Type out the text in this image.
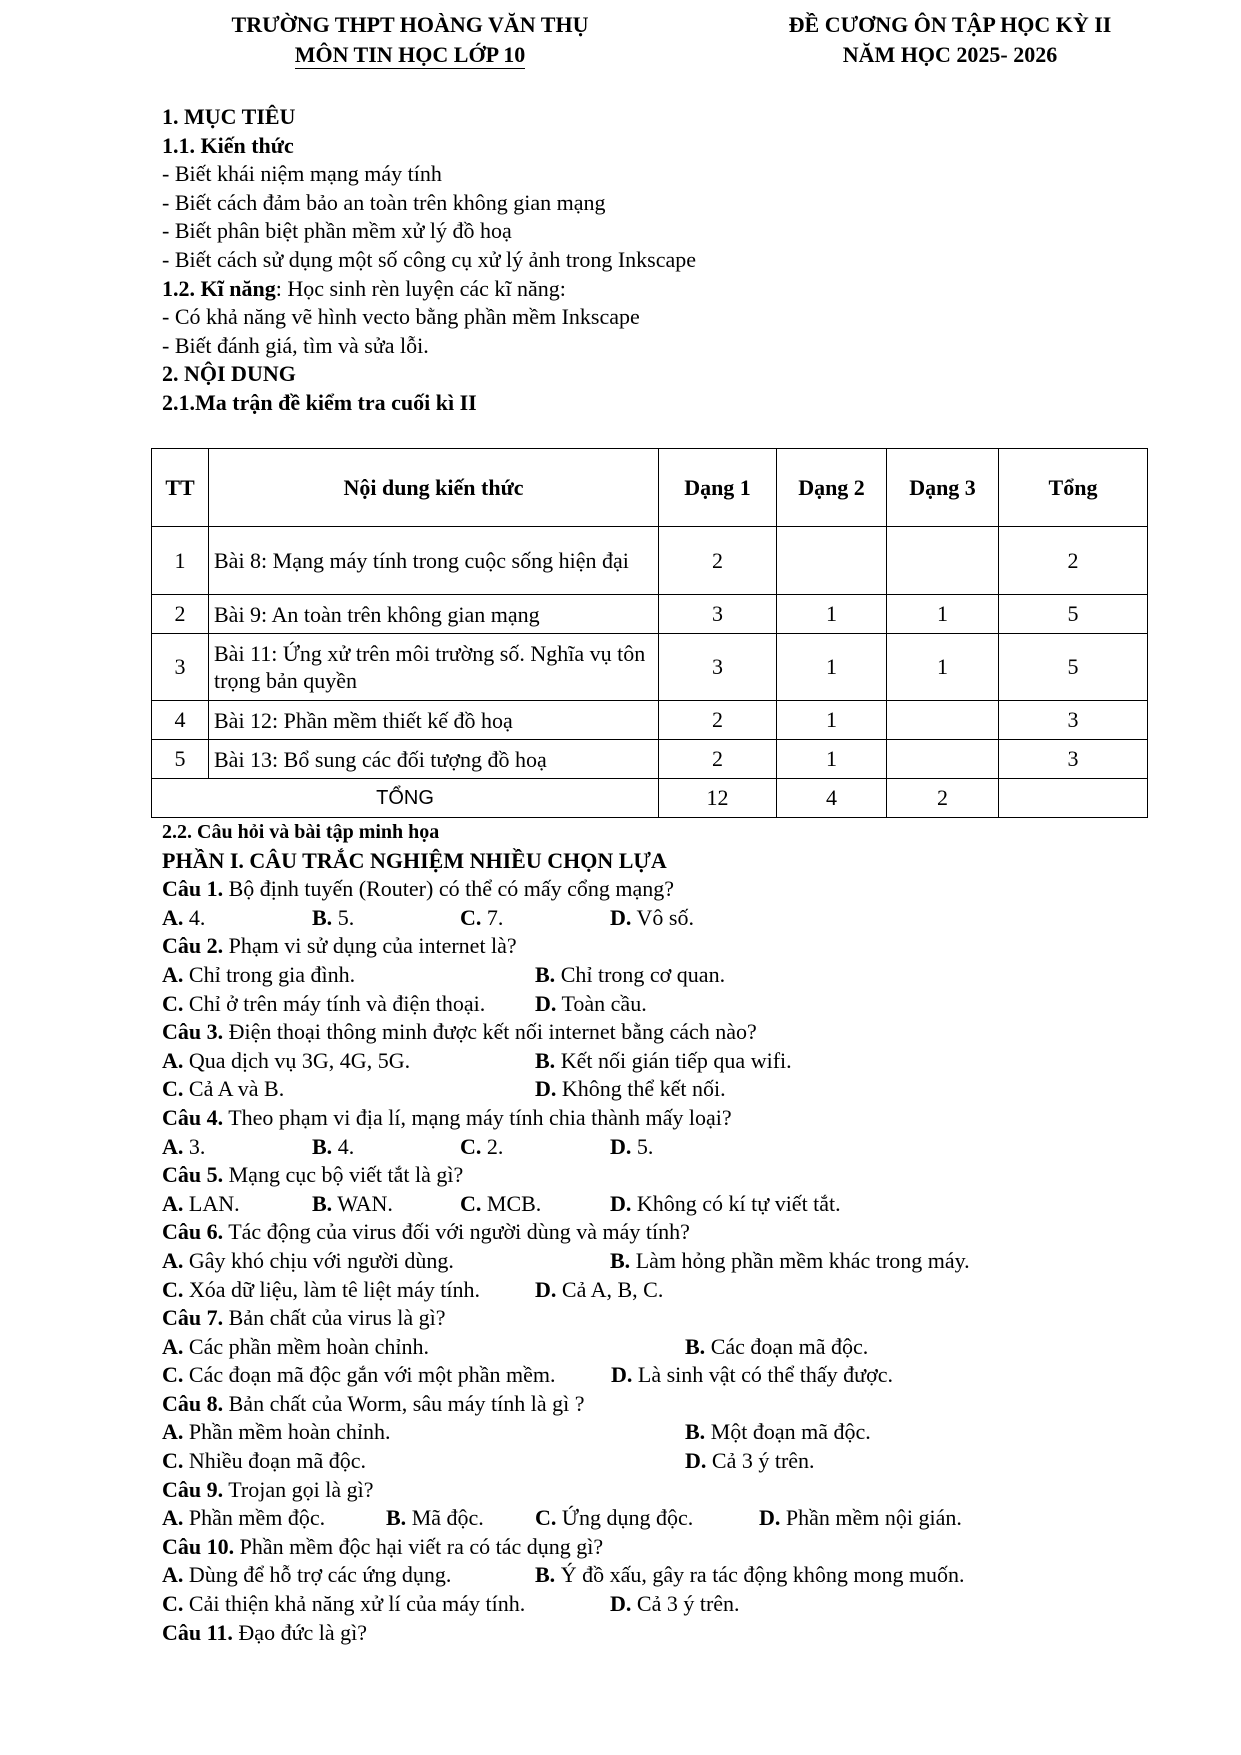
TRƯỜNG THPT HOÀNG VĂN THỤ
MÔN TIN HỌC LỚP 10
ĐỀ CƯƠNG ÔN TẬP HỌC KỲ II
NĂM HỌC 2025- 2026
1. MỤC TIÊU
1.1. Kiến thức
- Biết khái niệm mạng máy tính
- Biết cách đảm bảo an toàn trên không gian mạng
- Biết phân biệt phần mềm xử lý đồ hoạ
- Biết cách sử dụng một số công cụ xử lý ảnh trong Inkscape
1.2. Kĩ năng: Học sinh rèn luyện các kĩ năng:
- Có khả năng vẽ hình vecto bằng phần mềm Inkscape
- Biết đánh giá, tìm và sửa lỗi.
2. NỘI DUNG
2.1.Ma trận đề kiểm tra cuối kì II
TT	Nội dung kiến thức	Dạng 1	Dạng 2	Dạng 3	Tổng
1	Bài 8: Mạng máy tính trong cuộc sống hiện đại	2			2
2	Bài 9: An toàn trên không gian mạng	3	1	1	5
3	Bài 11: Ứng xử trên môi trường số. Nghĩa vụ tôn trọng bản quyền	3	1	1	5
4	Bài 12: Phần mềm thiết kế đồ hoạ	2	1		3
5	Bài 13: Bổ sung các đối tượng đồ hoạ	2	1		3
TỔNG		12	4	2	
2.2. Câu hỏi và bài tập minh họa
PHẦN I. CÂU TRẮC NGHIỆM NHIỀU CHỌN LỰA
Câu 1. Bộ định tuyến (Router) có thể có mấy cổng mạng?
A. 4.	B. 5.	C. 7.	D. Vô số.
Câu 2. Phạm vi sử dụng của internet là?
A. Chỉ trong gia đình.	B. Chỉ trong cơ quan.
C. Chỉ ở trên máy tính và điện thoại. D. Toàn cầu.
Câu 3. Điện thoại thông minh được kết nối internet bằng cách nào?
A. Qua dịch vụ 3G, 4G, 5G.	B. Kết nối gián tiếp qua wifi.
C. Cả A và B.	D. Không thể kết nối.
Câu 4. Theo phạm vi địa lí, mạng máy tính chia thành mấy loại?
A. 3.	B. 4.	C. 2.	D. 5.
Câu 5. Mạng cục bộ viết tắt là gì?
A. LAN.	B. WAN.	C. MCB.	D. Không có kí tự viết tắt.
Câu 6. Tác động của virus đối với người dùng và máy tính?
A. Gây khó chịu với người dùng.	B. Làm hỏng phần mềm khác trong máy.
C. Xóa dữ liệu, làm tê liệt máy tính. D. Cả A, B, C.
Câu 7. Bản chất của virus là gì?
A. Các phần mềm hoàn chỉnh.	B. Các đoạn mã độc.
C. Các đoạn mã độc gắn với một phần mềm.	D. Là sinh vật có thể thấy được.
Câu 8. Bản chất của Worm, sâu máy tính là gì ?
A. Phần mềm hoàn chỉnh.	B. Một đoạn mã độc.
C. Nhiều đoạn mã độc.	D. Cả 3 ý trên.
Câu 9. Trojan gọi là gì?
A. Phần mềm độc.	B. Mã độc. C. Ứng dụng độc.	D. Phần mềm nội gián.
Câu 10. Phần mềm độc hại viết ra có tác dụng gì?
A. Dùng để hỗ trợ các ứng dụng.	B. Ý đồ xấu, gây ra tác động không mong muốn.
C. Cải thiện khả năng xử lí của máy tính.	D. Cả 3 ý trên.
Câu 11. Đạo đức là gì?
